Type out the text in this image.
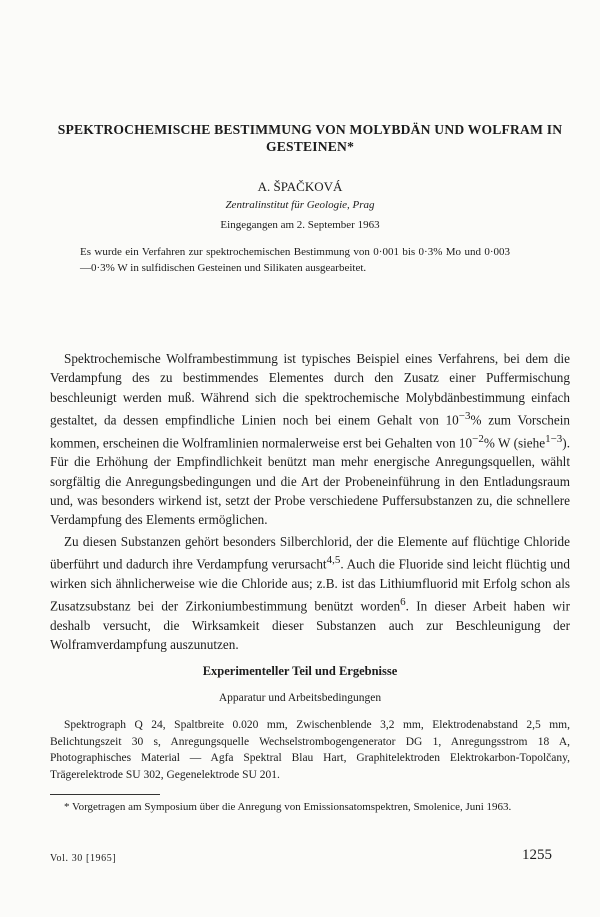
SPEKTROCHEMISCHE BESTIMMUNG VON MOLYBDÄN UND WOLFRAM IN GESTEINEN*
A. ŠPAČKOVÁ
Zentralinstitut für Geologie, Prag
Eingegangen am 2. September 1963
Es wurde ein Verfahren zur spektrochemischen Bestimmung von 0·001 bis 0·3% Mo und 0·003—0·3% W in sulfidischen Gesteinen und Silikaten ausgearbeitet.
Spektrochemische Wolframbestimmung ist typisches Beispiel eines Verfahrens, bei dem die Verdampfung des zu bestimmendes Elementes durch den Zusatz einer Puffermischung beschleunigt werden muß. Während sich die spektrochemische Molybdänbestimmung einfach gestaltet, da dessen empfindliche Linien noch bei einem Gehalt von $10^{-3}\%$ zum Vorschein kommen, erscheinen die Wolframlinien normalerweise erst bei Gehalten von $10^{-2}\%$ W (siehe$^{1-3}$). Für die Erhöhung der Empfindlichkeit benützt man mehr energische Anregungsquellen, wählt sorgfältig die Anregungsbedingungen und die Art der Probeneinführung in den Entladungsraum und, was besonders wirkend ist, setzt der Probe verschiedene Puffersubstanzen zu, die schnellere Verdampfung des Elements ermöglichen.
Zu diesen Substanzen gehört besonders Silberchlorid, der die Elemente auf flüchtige Chloride überführt und dadurch ihre Verdampfung verursacht$^{4,5}$. Auch die Fluoride sind leicht flüchtig und wirken sich ähnlicherweise wie die Chloride aus; z.B. ist das Lithiumfluorid mit Erfolg schon als Zusatzsubstanz bei der Zirkoniumbestimmung benützt worden$^6$. In dieser Arbeit haben wir deshalb versucht, die Wirksamkeit dieser Substanzen auch zur Beschleunigung der Wolframverdampfung auszunutzen.
Experimenteller Teil und Ergebnisse
Apparatur und Arbeitsbedingungen
Spektrograph Q 24, Spaltbreite 0.020 mm, Zwischenblende 3,2 mm, Elektrodenabstand 2,5 mm, Belichtungszeit 30 s, Anregungsquelle Wechselstrombogengenerator DG 1, Anregungsstrom 18 A, Photographisches Material — Agfa Spektral Blau Hart, Graphitelektroden Elektrokarbon-Topolčany, Trägerelektrode SU 302, Gegenelektrode SU 201.
* Vorgetragen am Symposium über die Anregung von Emissionsatomspektren, Smolenice, Juni 1963.
Vol. 30 [1965]	1255
